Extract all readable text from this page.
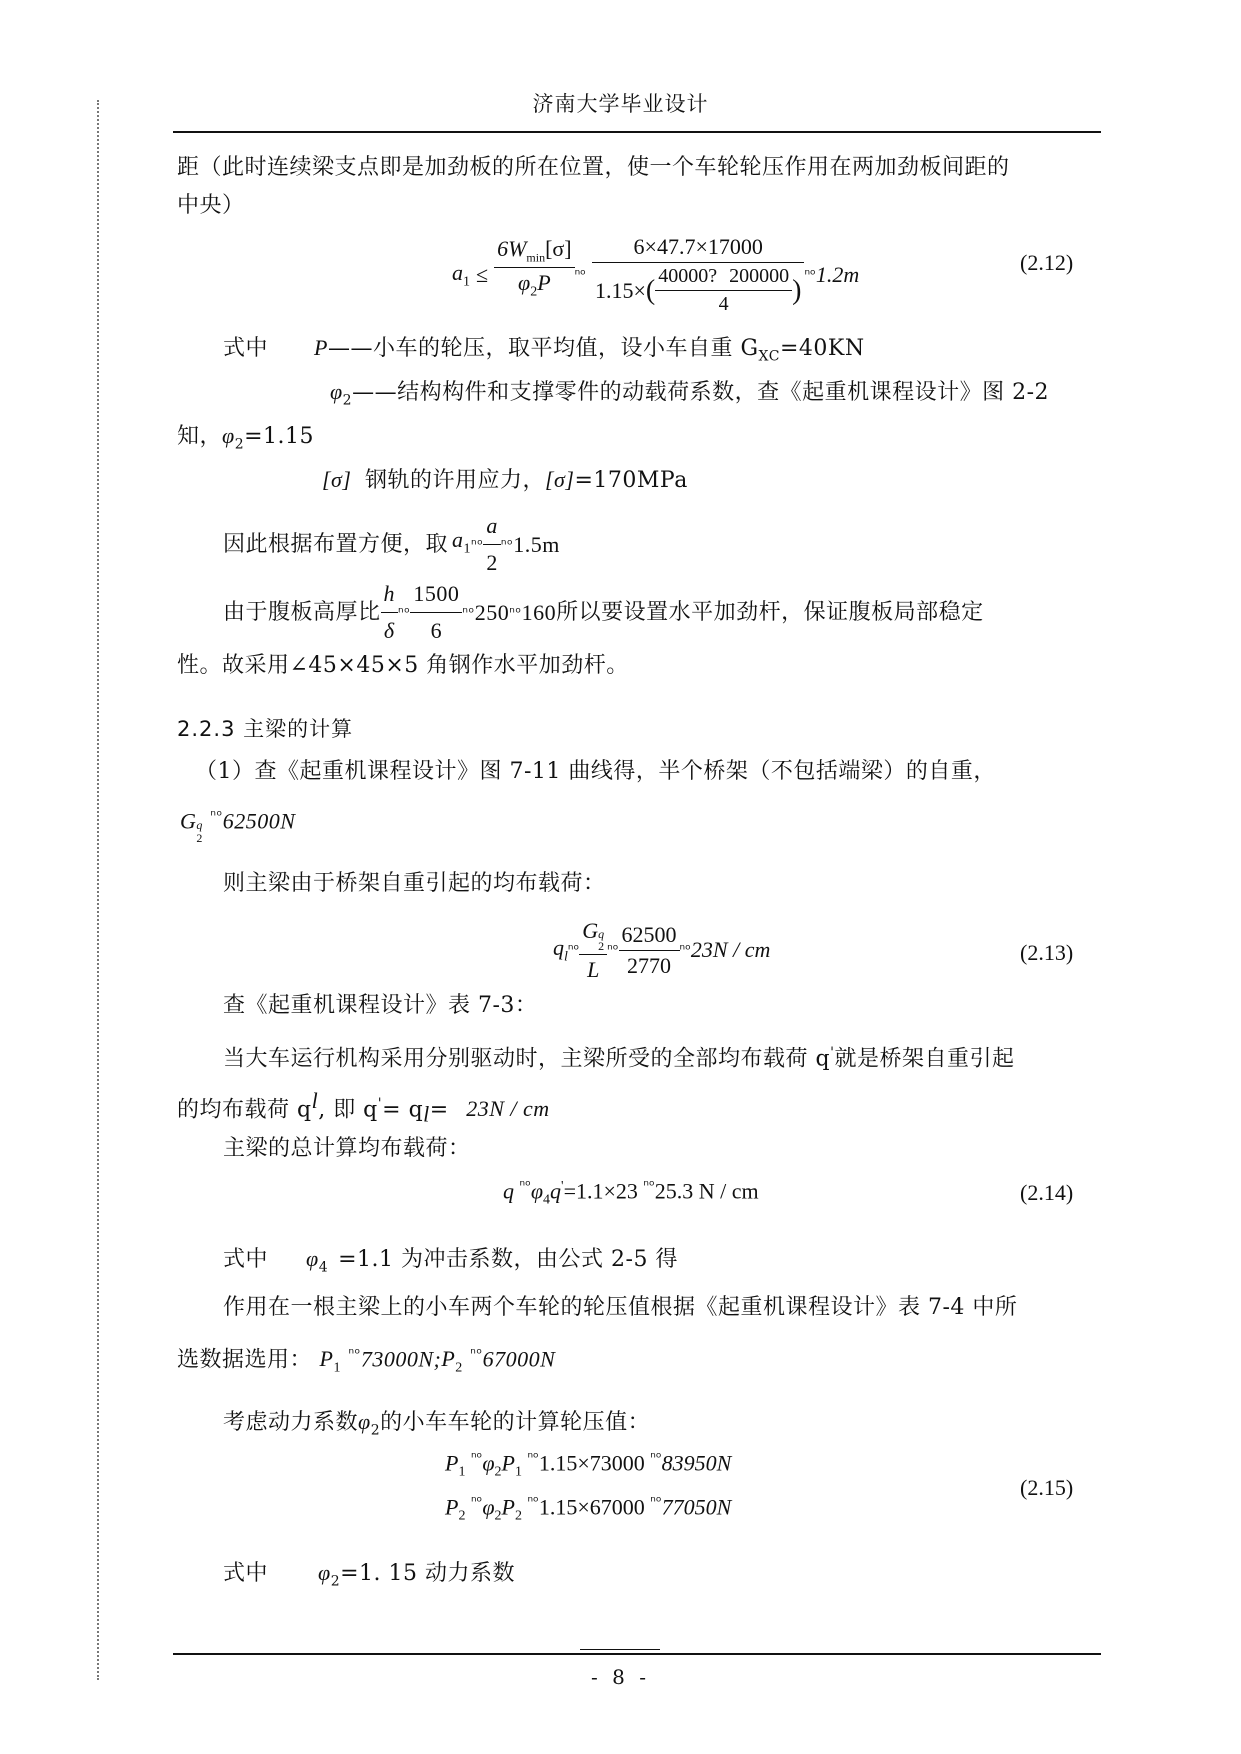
济南大学毕业设计
距（此时连续梁支点即是加劲板的所在位置，使一个车轮轮压作用在两加劲板间距的
中央）
$a_1 \le \frac{6W_{min}[\sigma]}{\varphi_2P}$ ⁿᵒ
6×47.7×17000
1.15× ( $\frac{40000? 200000}{4}$ ) ⁿᵒ 1.2m	(2.12)
式中 P——小车的轮压，取平均值，设小车自重 $G_{XC}=40KN$
$\varphi_2——$结构构件和支撑零件的动载荷系数，查《起重机课程设计》图 2-2
知，$\varphi_2=1.15$
[σ] 钢轨的许用应力，[σ]=170MPa
因此根据布置方便，取 $a_1$ ⁿᵒ $\frac{a}{2}$ ⁿᵒ 1.5m
由于腹板高厚比 $\frac{h}{\delta}$ ⁿᵒ $\frac{1500}{6}$ ⁿᵒ 250 ⁿᵒ 160 所以要设置水平加劲杆，保证腹板局部稳定
性。故采用∠45×45×5 角钢作水平加劲杆。
2.2.3 主梁的计算
（1）查《起重机课程设计》图 7-11 曲线得，半个桥架（不包括端梁）的自重，
G q
2
$^{^nᵒ}$62500N
则主梁由于桥架自重引起的均布载荷：
$q_l$ ⁿᵒ G q
2
L ⁿᵒ $\frac{62500}{2770}$ ⁿᵒ 23N / cm	(2.13)
查《起重机课程设计》表 7-3：
当大车运行机构采用分别驱动时，主梁所受的全部均布载荷 q'就是桥架自重引起
的均布载荷 $q^l$, 即 $q'= q_l= 23N$ / cm
主梁的总计算均布载荷：
q $^{^nᵒ}\varphi_4q'=1.1\times 23$ $^{^nᵒ}$25.3 N / cm	(2.14)
式中 $\varphi_4 =1.1$ 为冲击系数，由公式 2-5 得
作用在一根主梁上的小车两个车轮的轮压值根据《起重机课程设计》表 7-4 中所
选数据选用： $P_1$ $^{^nᵒ}73000N;P_2$ $^{^nᵒ}$67000N
考虑动力系数$\varphi_2$的小车车轮的计算轮压值：
$P_1$ $^{^nᵒ}\varphi_2P_1$ $^{^nᵒ}$1.15×73000 $^{^nᵒ}$83950N
$P_2$ $^{^nᵒ}\varphi_2P_2$ $^{^nᵒ}$1.15×67000 $^{^nᵒ}$77050N
(2.15)
式中 $\varphi_2=1$. 15 动力系数
- 8 -
